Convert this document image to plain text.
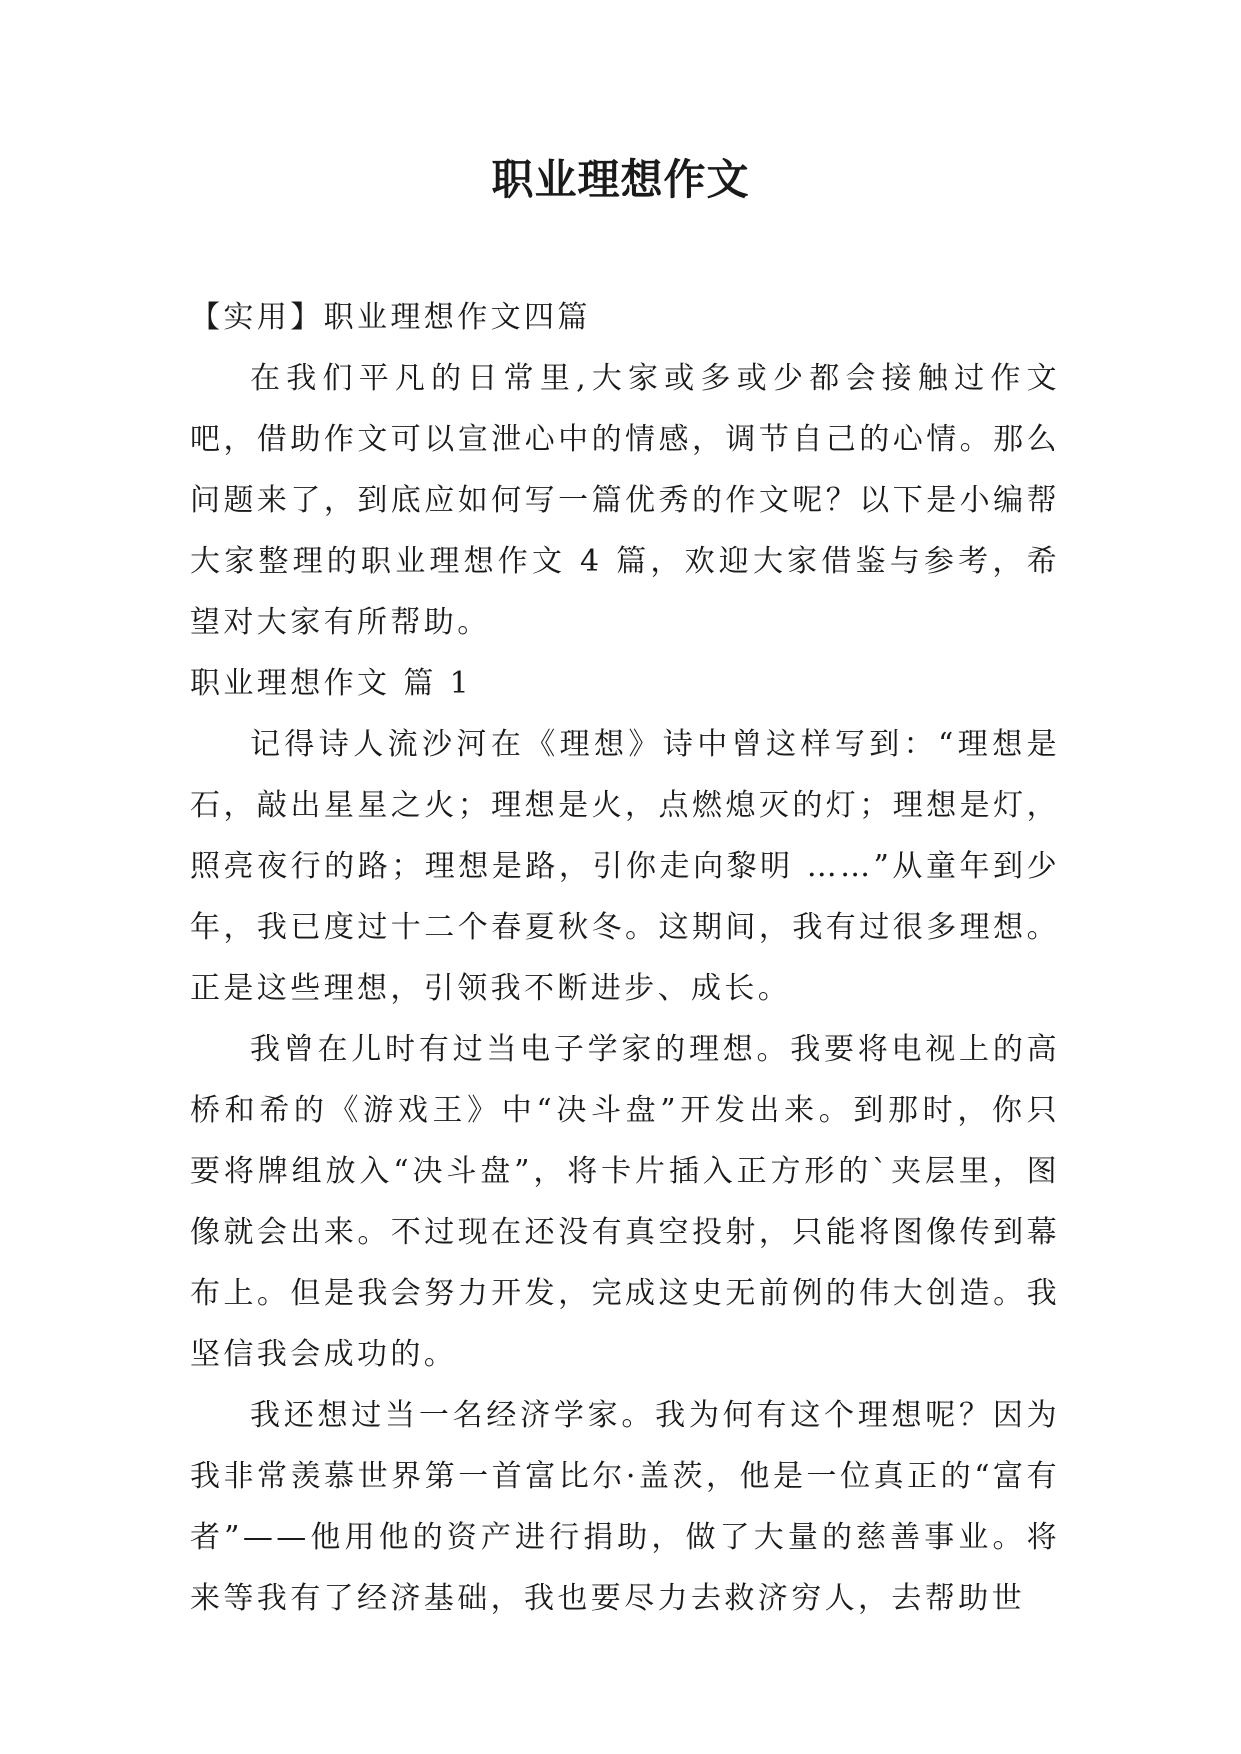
职业理想作文

【实用】职业理想作文四篇

在我们平凡的日常里,大家或多或少都会接触过作文吧，借助作文可以宣泄心中的情感，调节自己的心情。那么问题来了，到底应如何写一篇优秀的作文呢？以下是小编帮大家整理的职业理想作文 4 篇，欢迎大家借鉴与参考，希望对大家有所帮助。

职业理想作文 篇 1

记得诗人流沙河在《理想》诗中曾这样写到：“理想是石，敲出星星之火；理想是火，点燃熄灭的灯；理想是灯，照亮夜行的路；理想是路，引你走向黎明 ……”从童年到少年，我已度过十二个春夏秋冬。这期间，我有过很多理想。正是这些理想，引领我不断进步、成长。

我曾在儿时有过当电子学家的理想。我要将电视上的高桥和希的《游戏王》中“决斗盘”开发出来。到那时，你只要将牌组放入“决斗盘”，将卡片插入正方形的`夹层里，图像就会出来。不过现在还没有真空投射，只能将图像传到幕布上。但是我会努力开发，完成这史无前例的伟大创造。我坚信我会成功的。

我还想过当一名经济学家。我为何有这个理想呢？因为我非常羡慕世界第一首富比尔·盖茨，他是一位真正的“富有者”——他用他的资产进行捐助，做了大量的慈善事业。将来等我有了经济基础，我也要尽力去救济穷人，去帮助世
